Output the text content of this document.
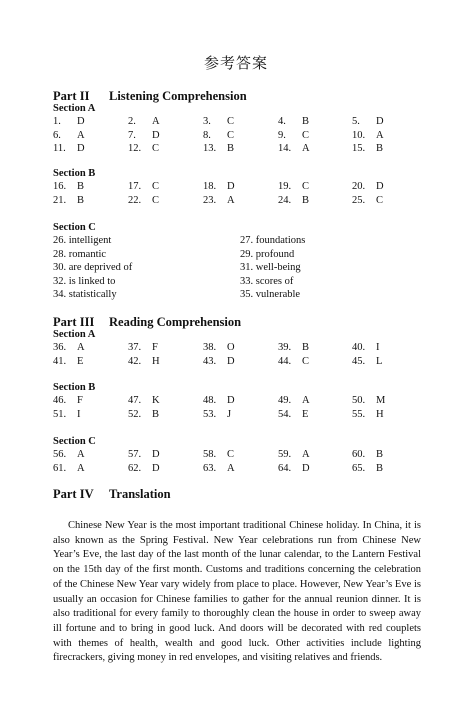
参考答案
Part II Listening Comprehension
Section A
1. D	2. A	3. C	4. B	5. D
6. A	7. D	8. C	9. C	10. A
11. D	12. C	13. B	14. A	15. B
Section B
16. B	17. C	18. D	19. C	20. D
21. B	22. C	23. A	24. B	25. C
Section C
26. intelligent	27. foundations
28. romantic	29. profound
30. are deprived of	31. well-being
32. is linked to	33. scores of
34. statistically	35. vulnerable
Part III Reading Comprehension
Section A
36. A	37. F	38. O	39. B	40. I
41. E	42. H	43. D	44. C	45. L
Section B
46. F	47. K	48. D	49. A	50. M
51. I	52. B	53. J	54. E	55. H
Section C
56. A	57. D	58. C	59. A	60. B
61. A	62. D	63. A	64. D	65. B
Part IV Translation

Chinese New Year is the most important traditional Chinese holiday. In China, it is also known as the Spring Festival. New Year celebrations run from Chinese New Year’s Eve, the last day of the last month of the lunar calendar, to the Lantern Festival on the 15th day of the first month. Customs and traditions concerning the celebration of the Chinese New Year vary widely from place to place. However, New Year’s Eve is usually an occasion for Chinese families to gather for the annual reunion dinner. It is also traditional for every family to thoroughly clean the house in order to sweep away ill fortune and to bring in good luck. And doors will be decorated with red couplets with themes of health, wealth and good luck. Other activities include lighting firecrackers, giving money in red envelopes, and visiting relatives and friends.
